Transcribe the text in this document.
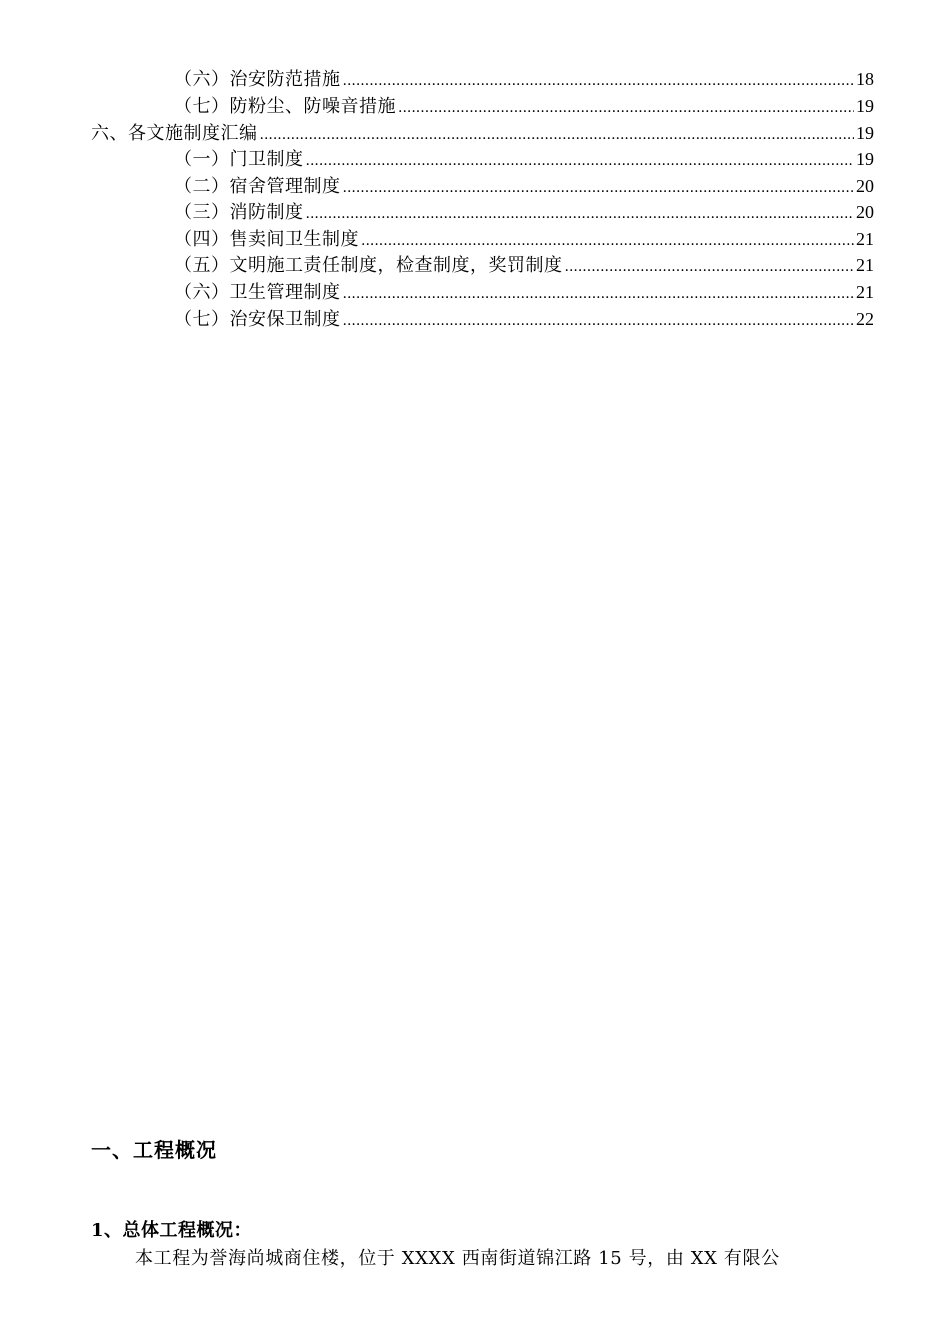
（六）治安防范措施 .....	18
（七）防粉尘、防噪音措施 .....	19
六、各文施制度汇编 .....	19
（一）门卫制度 .....	19
（二）宿舍管理制度 .....	20
（三）消防制度 .....	20
（四）售卖间卫生制度 .....	21
（五）文明施工责任制度，检查制度，奖罚制度 .....	21
（六）卫生管理制度 .....	21
（七）治安保卫制度 .....	22
一、工程概况
1、总体工程概况：
本工程为誉海尚城商住楼，位于 XXXX 西南街道锦江路 15 号，由 XX 有限公
